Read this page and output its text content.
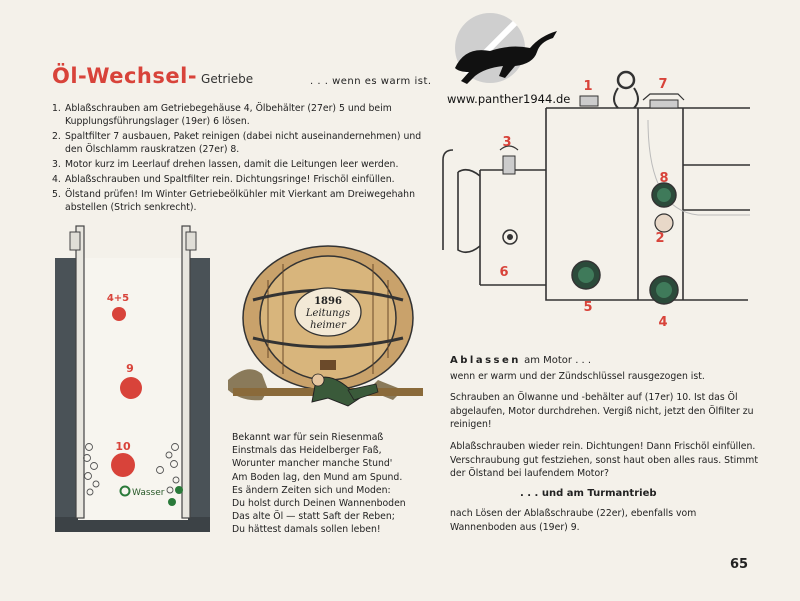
Öl-Wechsel- Getriebe	. . . wenn es warm ist.
1. Ablaßschrauben am Getriebegehäuse 4, Ölbehälter (27er) 5 und beim Kupplungsführungslager (19er) 6 lösen.
2. Spaltfilter 7 ausbauen, Paket reinigen (dabei nicht auseinandernehmen) und den Ölschlamm rauskratzen (27er) 8.
3. Motor kurz im Leerlauf drehen lassen, damit die Leitungen leer werden.
4. Ablaßschrauben und Spaltfilter rein. Dichtungsringe! Frischöl einfüllen.
5. Ölstand prüfen! Im Winter Getriebeölkühler mit Vierkant am Dreiwegehahn abstellen (Strich senkrecht).
www.panther1944.de
4+5
9
10
Wasser
1896
Leitungs
heimer
Bekannt war für sein Riesenmaß
Einstmals das Heidelberger Faß,
Worunter mancher manche Stund'
Am Boden lag, den Mund am Spund.
Es ändern Zeiten sich und Moden:
Du holst durch Deinen Wannenboden
Das alte Öl — statt Saft der Reben;
Du hättest damals sollen leben!
1	7
3
8
2
6
5
4
Ablassen am Motor . . .
wenn er warm und der Zündschlüssel rausgezogen ist.
Schrauben an Ölwanne und -behälter auf (17er) 10. Ist das Öl abgelaufen, Motor durchdrehen. Vergiß nicht, jetzt den Ölfilter zu reinigen!
Ablaßschrauben wieder rein. Dichtungen! Dann Frischöl einfüllen. Verschraubung gut festziehen, sonst haut oben alles raus. Stimmt der Ölstand bei laufendem Motor?
. . . und am Turmantrieb
nach Lösen der Ablaßschraube (22er), ebenfalls vom Wannenboden aus (19er) 9.
65
